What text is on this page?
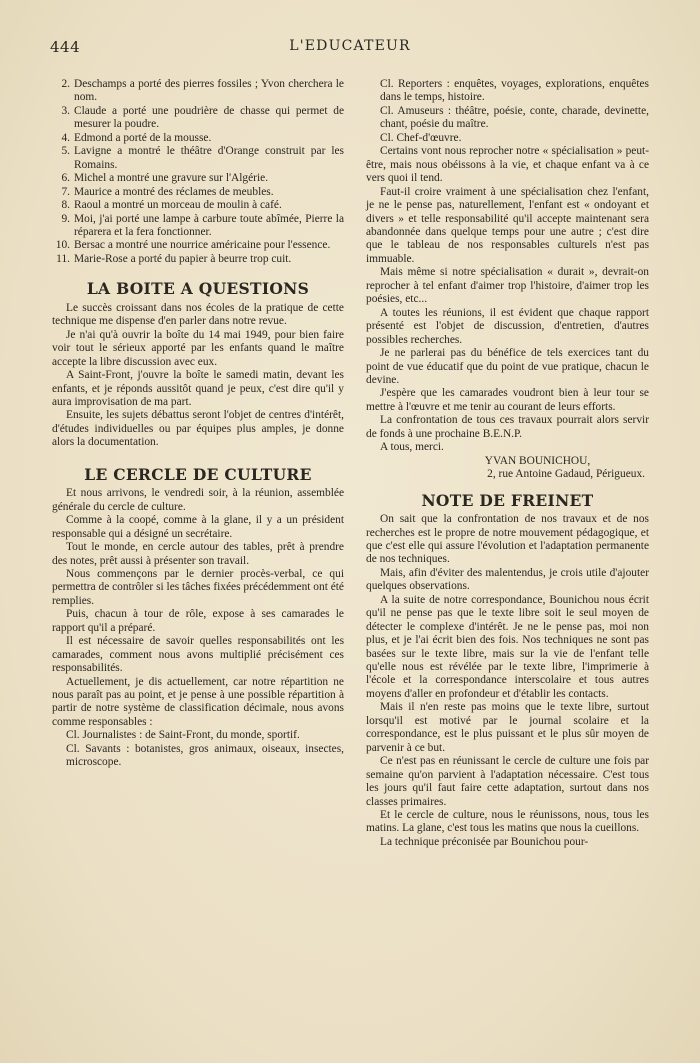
444	L'EDUCATEUR
2. Deschamps a porté des pierres fossiles ; Yvon cherchera le nom.
3. Claude a porté une poudrière de chasse qui permet de mesurer la poudre.
4. Edmond a porté de la mousse.
5. Lavigne a montré le théâtre d'Orange construit par les Romains.
6. Michel a montré une gravure sur l'Algérie.
7. Maurice a montré des réclames de meubles.
8. Raoul a montré un morceau de moulin à café.
9. Moi, j'ai porté une lampe à carbure toute abîmée, Pierre la réparera et la fera fonctionner.
10. Bersac a montré une nourrice américaine pour l'essence.
11. Marie-Rose a porté du papier à beurre trop cuit.
LA BOITE A QUESTIONS

Le succès croissant dans nos écoles de la pratique de cette technique me dispense d'en parler dans notre revue.

Je n'ai qu'à ouvrir la boîte du 14 mai 1949, pour bien faire voir tout le sérieux apporté par les enfants quand le maître accepte la libre discussion avec eux.

A Saint-Front, j'ouvre la boîte le samedi matin, devant les enfants, et je réponds aussitôt quand je peux, c'est dire qu'il y aura improvisation de ma part.

Ensuite, les sujets débattus seront l'objet de centres d'intérêt, d'études individuelles ou par équipes plus amples, je donne alors la documentation.

LE CERCLE DE CULTURE

Et nous arrivons, le vendredi soir, à la réunion, assemblée générale du cercle de culture.

Comme à la coopé, comme à la glane, il y a un président responsable qui a désigné un secrétaire.

Tout le monde, en cercle autour des tables, prêt à prendre des notes, prêt aussi à présenter son travail.

Nous commençons par le dernier procès-verbal, ce qui permettra de contrôler si les tâches fixées précédemment ont été remplies.

Puis, chacun à tour de rôle, expose à ses camarades le rapport qu'il a préparé.

Il est nécessaire de savoir quelles responsabilités ont les camarades, comment nous avons multiplié précisément ces responsabilités.

Actuellement, je dis actuellement, car notre répartition ne nous paraît pas au point, et je pense à une possible répartition à partir de notre système de classification décimale, nous avons comme responsables :

Cl. Journalistes : de Saint-Front, du monde, sportif.

Cl. Savants : botanistes, gros animaux, oiseaux, insectes, microscope.

Cl. Reporters : enquêtes, voyages, explorations, enquêtes dans le temps, histoire.

Cl. Amuseurs : théâtre, poésie, conte, charade, devinette, chant, poésie du maître.

Cl. Chef-d'œuvre.

Certains vont nous reprocher notre « spécialisation » peut-être, mais nous obéissons à la vie, et chaque enfant va à ce vers quoi il tend.

Faut-il croire vraiment à une spécialisation chez l'enfant, je ne le pense pas, naturellement, l'enfant est « ondoyant et divers » et telle responsabilité qu'il accepte maintenant sera abandonnée dans quelque temps pour une autre ; c'est dire que le tableau de nos responsables culturels n'est pas immuable.

Mais même si notre spécialisation « durait », devrait-on reprocher à tel enfant d'aimer trop l'histoire, d'aimer trop les poésies, etc...

A toutes les réunions, il est évident que chaque rapport présenté est l'objet de discussion, d'entretien, d'autres possibles recherches.

Je ne parlerai pas du bénéfice de tels exercices tant du point de vue éducatif que du point de vue pratique, chacun le devine.

J'espère que les camarades voudront bien à leur tour se mettre à l'œuvre et me tenir au courant de leurs efforts.

La confrontation de tous ces travaux pourrait alors servir de fonds à une prochaine B.E.N.P.

A tous, merci.

YVAN BOUNICHOU,

2, rue Antoine Gadaud, Périgueux.

NOTE DE FREINET

On sait que la confrontation de nos travaux et de nos recherches est le propre de notre mouvement pédagogique, et que c'est elle qui assure l'évolution et l'adaptation permanente de nos techniques.

Mais, afin d'éviter des malentendus, je crois utile d'ajouter quelques observations.

A la suite de notre correspondance, Bounichou nous écrit qu'il ne pense pas que le texte libre soit le seul moyen de détecter le complexe d'intérêt. Je ne le pense pas, moi non plus, et je l'ai écrit bien des fois. Nos techniques ne sont pas basées sur le texte libre, mais sur la vie de l'enfant telle qu'elle nous est révélée par le texte libre, l'imprimerie à l'école et la correspondance interscolaire et tous autres moyens d'aller en profondeur et d'établir les contacts.

Mais il n'en reste pas moins que le texte libre, surtout lorsqu'il est motivé par le journal scolaire et la correspondance, est le plus puissant et le plus sûr moyen de parvenir à ce but.

Ce n'est pas en réunissant le cercle de culture une fois par semaine qu'on parvient à l'adaptation nécessaire. C'est tous les jours qu'il faut faire cette adaptation, surtout dans nos classes primaires.

Et le cercle de culture, nous le réunissons, nous, tous les matins. La glane, c'est tous les matins que nous la cueillons.

La technique préconisée par Bounichou pour-
